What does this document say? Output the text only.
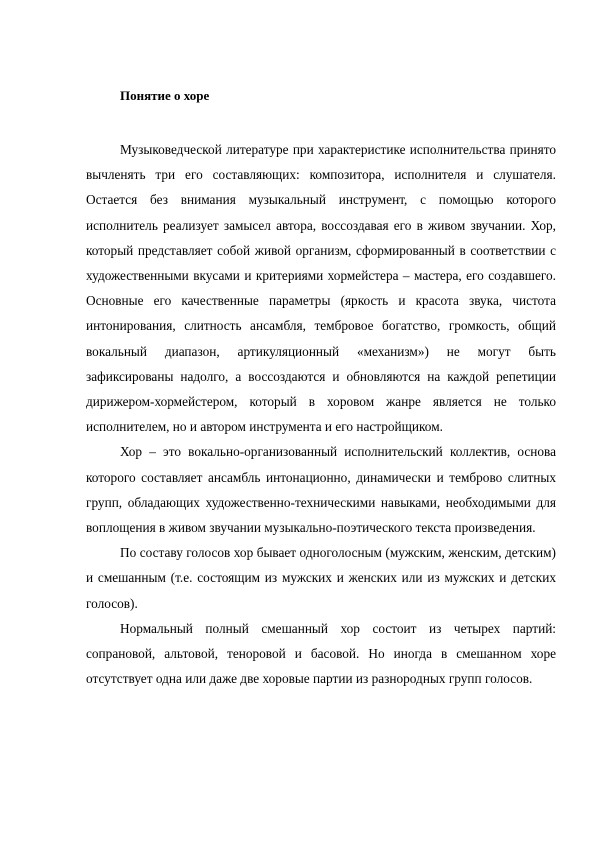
Понятие о хоре

Музыковедческой литературе при характеристике исполнительства принято вычленять три его составляющих: композитора, исполнителя и слушателя. Остается без внимания музыкальный инструмент, с помощью которого исполнитель реализует замысел автора, воссоздавая его в живом звучании. Хор, который представляет собой живой организм, сформированный в соответствии с художественными вкусами и критериями хормейстера – мастера, его создавшего. Основные его качественные параметры (яркость и красота звука, чистота интонирования, слитность ансамбля, тембровое богатство, громкость, общий вокальный диапазон, артикуляционный «механизм») не могут быть зафиксированы надолго, а воссоздаются и обновляются на каждой репетиции дирижером-хормейстером, который в хоровом жанре является не только исполнителем, но и автором инструмента и его настройщиком.

Хор – это вокально-организованный исполнительский коллектив, основа которого составляет ансамбль интонационно, динамически и темброво слитных групп, обладающих художественно-техническими навыками, необходимыми для воплощения в живом звучании музыкально-поэтического текста произведения.

По составу голосов хор бывает одноголосным (мужским, женским, детским) и смешанным (т.е. состоящим из мужских и женских или из мужских и детских голосов).

Нормальный полный смешанный хор состоит из четырех партий: сопрановой, альтовой, теноровой и басовой. Но иногда в смешанном хоре отсутствует одна или даже две хоровые партии из разнородных групп голосов.
